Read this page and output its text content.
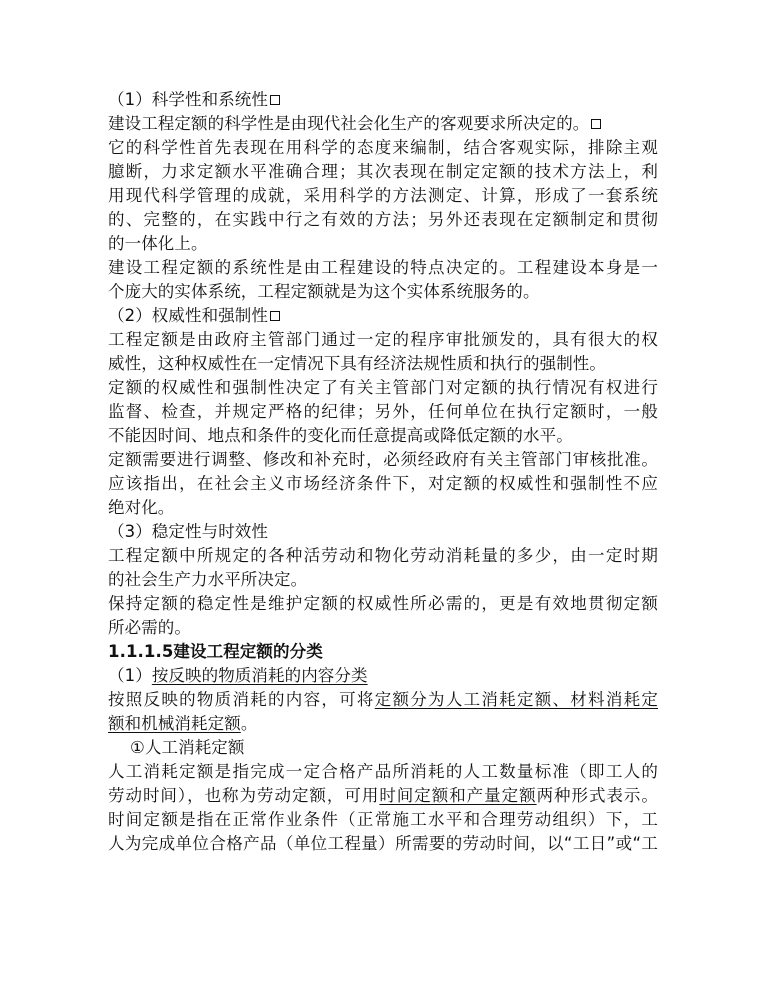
（1）科学性和系统性
建设工程定额的科学性是由现代社会化生产的客观要求所决定的。
它的科学性首先表现在用科学的态度来编制，结合客观实际，排除主观
臆断，力求定额水平准确合理；其次表现在制定定额的技术方法上，利
用现代科学管理的成就，采用科学的方法测定、计算，形成了一套系统
的、完整的，在实践中行之有效的方法；另外还表现在定额制定和贯彻
的一体化上。
建设工程定额的系统性是由工程建设的特点决定的。工程建设本身是一
个庞大的实体系统，工程定额就是为这个实体系统服务的。
（2）权威性和强制性
工程定额是由政府主管部门通过一定的程序审批颁发的，具有很大的权
威性，这种权威性在一定情况下具有经济法规性质和执行的强制性。
定额的权威性和强制性决定了有关主管部门对定额的执行情况有权进行
监督、检查，并规定严格的纪律；另外，任何单位在执行定额时，一般
不能因时间、地点和条件的变化而任意提高或降低定额的水平。
定额需要进行调整、修改和补充时，必须经政府有关主管部门审核批准。
应该指出，在社会主义市场经济条件下，对定额的权威性和强制性不应
绝对化。
（3）稳定性与时效性
工程定额中所规定的各种活劳动和物化劳动消耗量的多少，由一定时期
的社会生产力水平所决定。
保持定额的稳定性是维护定额的权威性所必需的，更是有效地贯彻定额
所必需的。
1.1.1.5建设工程定额的分类
（1）按反映的物质消耗的内容分类
按照反映的物质消耗的内容，可将定额分为人工消耗定额、材料消耗定
额和机械消耗定额。
①人工消耗定额
人工消耗定额是指完成一定合格产品所消耗的人工数量标准（即工人的
劳动时间），也称为劳动定额，可用时间定额和产量定额两种形式表示。
时间定额是指在正常作业条件（正常施工水平和合理劳动组织）下，工
人为完成单位合格产品（单位工程量）所需要的劳动时间，以“工日”或“工
